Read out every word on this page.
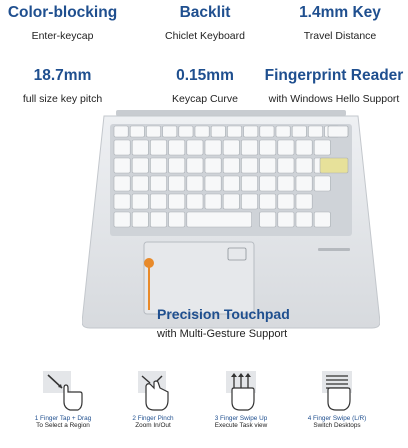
Color-blocking
Enter-keycap
Backlit
Chiclet Keyboard
1.4mm Key
Travel Distance
18.7mm
full size key pitch
0.15mm
Keycap Curve
Fingerprint Reader
with Windows Hello Support
Precision Touchpad
with Multi-Gesture Support
1 Finger Tap + Drag
To Select a Region
2 Finger Pinch
Zoom In/Out
3 Finger Swipe Up
Execute Task view
4 Finger Swipe (L/R)
Switch Desktops
